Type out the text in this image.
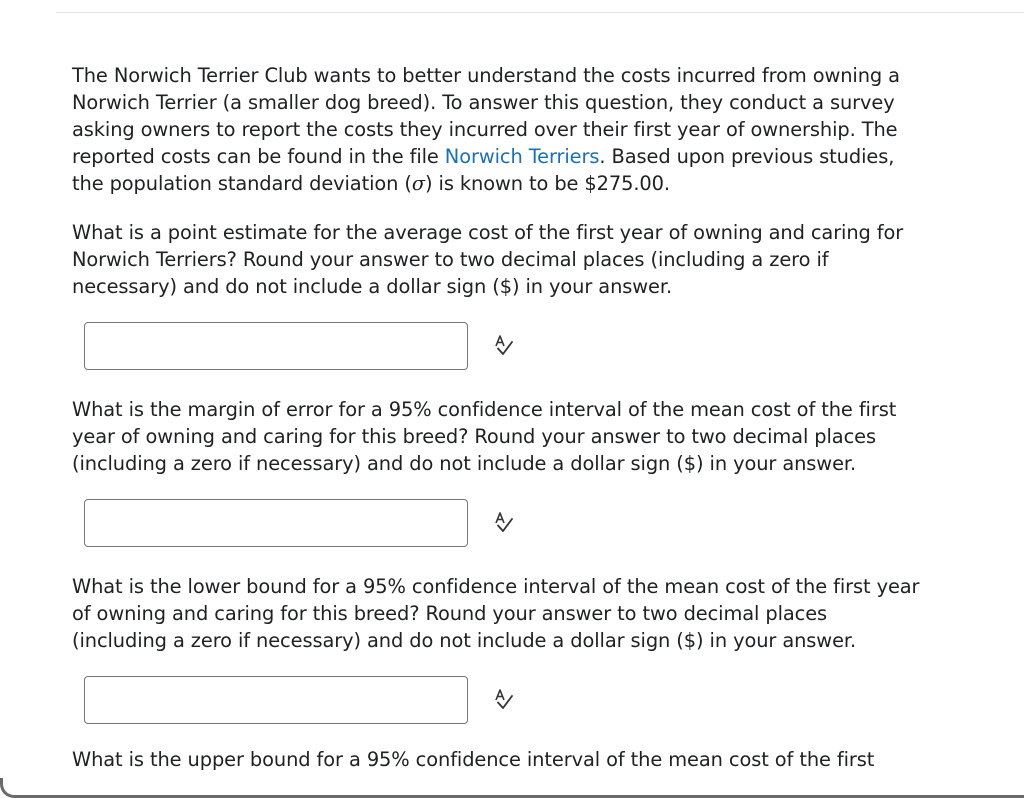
The Norwich Terrier Club wants to better understand the costs incurred from owning a Norwich Terrier (a smaller dog breed). To answer this question, they conduct a survey asking owners to report the costs they incurred over their first year of ownership. The reported costs can be found in the file Norwich Terriers. Based upon previous studies, the population standard deviation (σ) is known to be $275.00.

What is a point estimate for the average cost of the first year of owning and caring for Norwich Terriers? Round your answer to two decimal places (including a zero if necessary) and do not include a dollar sign ($) in your answer.

What is the margin of error for a 95% confidence interval of the mean cost of the first year of owning and caring for this breed? Round your answer to two decimal places (including a zero if necessary) and do not include a dollar sign ($) in your answer.

What is the lower bound for a 95% confidence interval of the mean cost of the first year of owning and caring for this breed? Round your answer to two decimal places (including a zero if necessary) and do not include a dollar sign ($) in your answer.

What is the upper bound for a 95% confidence interval of the mean cost of the first
